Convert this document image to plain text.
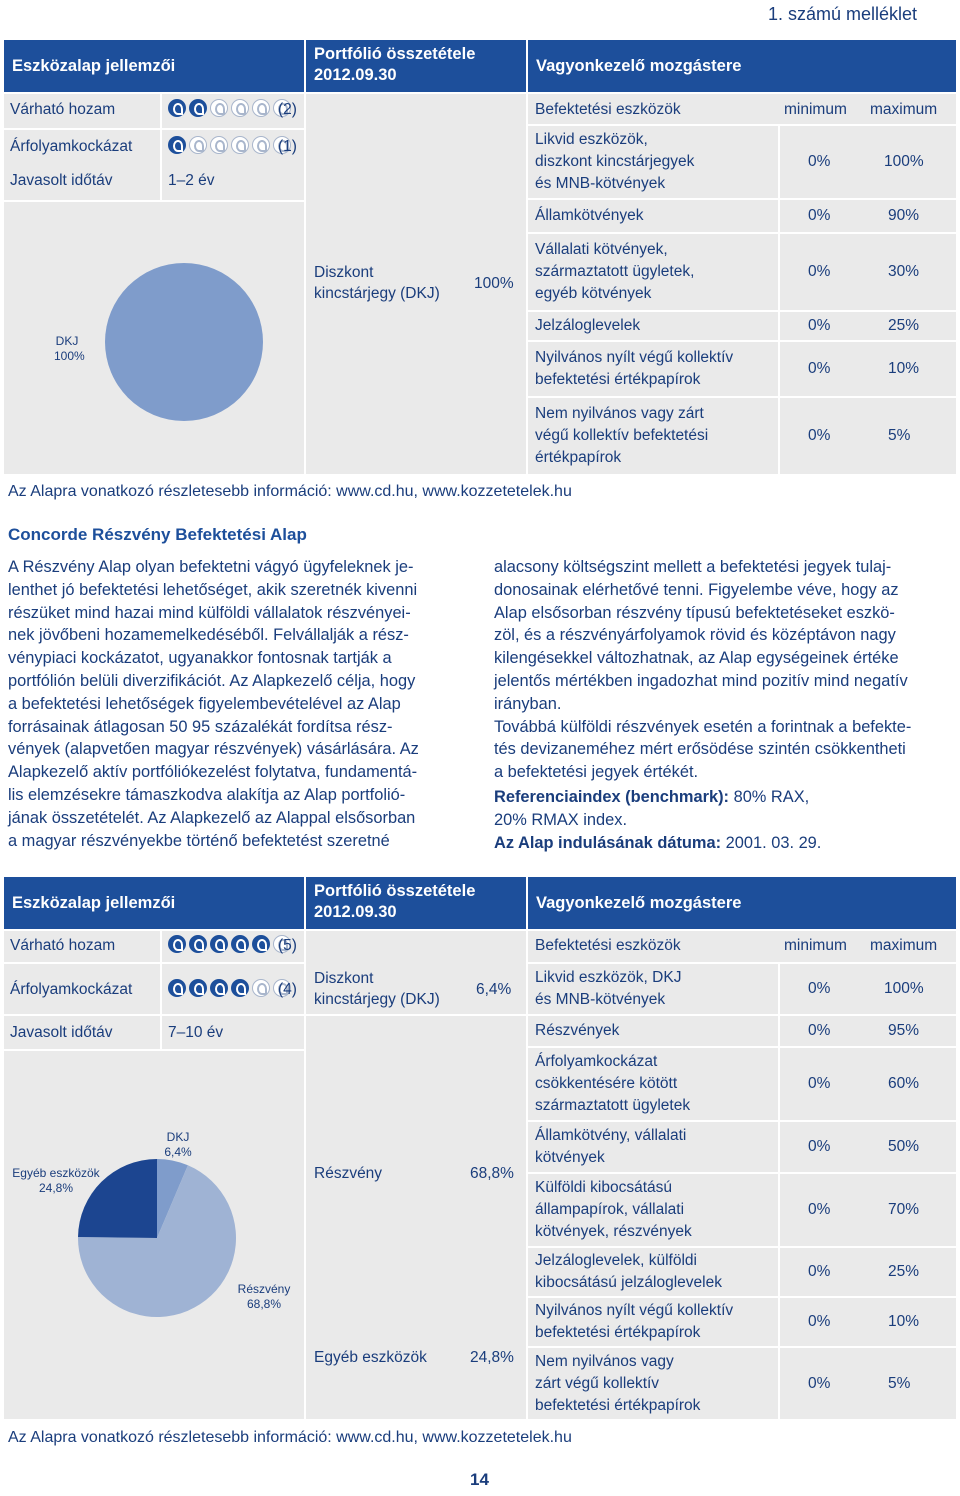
1. számú melléklet
Eszközalap jellemzői
Portfólió összetétele
2012.09.30	Vagyonkezelő mozgástere
Várható hozam	(2)
Árfolyamkockázat	(1)
Javasolt időtáv	1–2 év
DKJ
100%
Diszkont
kincstárjegy (DKJ)
100%
Befektetési eszközök	minimum maximum
Likvid eszközök,
diszkont kincstárjegyek
és MNB-kötvények
0%	100%
Államkötvények	0%	90%
Vállalati kötvények,
származtatott ügyletek,
egyéb kötvények
0%	30%
Jelzáloglevelek	0%	25%
Nyilvános nyílt végű kollektív
befektetési értékpapírok
0%	10%
Nem nyilvános vagy zárt
végű kollektív befektetési
értékpapírok
0%	5%
Az Alapra vonatkozó részletesebb információ: www.cd.hu, www.kozzetetelek.hu
Concorde Részvény Befektetési Alap
A Részvény Alap olyan befektetni vágyó ügyfeleknek je-
lenthet jó befektetési lehetőséget, akik szeretnék kivenni
részüket mind hazai mind külföldi vállalatok részvényei-
nek jövőbeni hozamemelkedéséből. Felvállalják a rész-
vénypiaci kockázatot, ugyanakkor fontosnak tartják a
portfólión belüli diverzifikációt. Az Alapkezelő célja, hogy
a befektetési lehetőségek figyelembevételével az Alap
forrásainak átlagosan 50 95 százalékát fordítsa rész-
vények (alapvetően magyar részvények) vásárlására. Az
Alapkezelő aktív portfóliókezelést folytatva, fundamentá-
lis elemzésekre támaszkodva alakítja az Alap portfolió-
jának összetételét. Az Alapkezelő az Alappal elsősorban
a magyar részvényekbe történő befektetést szeretné
alacsony költségszint mellett a befektetési jegyek tulaj-
donosainak elérhetővé tenni. Figyelembe véve, hogy az
Alap elsősorban részvény típusú befektetéseket eszkö-
zöl, és a részvényárfolyamok rövid és középtávon nagy
kilengésekkel változhatnak, az Alap egységeinek értéke
jelentős mértékben ingadozhat mind pozitív mind negatív
irányban.
Továbbá külföldi részvények esetén a forintnak a befekte-
tés devizaneméhez mért erősödése szintén csökkentheti
a befektetési jegyek értékét.
Referenciaindex (benchmark): 80% RAX,
20% RMAX index.
Az Alap indulásának dátuma: 2001. 03. 29.
Eszközalap jellemzői
Portfólió összetétele
2012.09.30	Vagyonkezelő mozgástere
Várható hozam	(5)
Árfolyamkockázat	(4)
Javasolt időtáv	7–10 év
DKJ
6,4%
Részvény
68,8%
Egyéb eszközök
24,8%
Diszkont
kincstárjegy (DKJ)
6,4%
Részvény	68,8%
Egyéb eszközök	24,8%
Befektetési eszközök	minimum maximum
Likvid eszközök, DKJ
és MNB-kötvények
0%	100%
Részvények	0%	95%
Árfolyamkockázat
csökkentésére kötött
származtatott ügyletek
0%	60%
Államkötvény, vállalati
kötvények
0%	50%
Külföldi kibocsátású
állampapírok, vállalati
kötvények, részvények
0%	70%
Jelzáloglevelek, külföldi
kibocsátású jelzáloglevelek
0%	25%
Nyilvános nyílt végű kollektív
befektetési értékpapírok
0%	10%
Nem nyilvános vagy
zárt végű kollektív
befektetési értékpapírok
0%	5%
Az Alapra vonatkozó részletesebb információ: www.cd.hu, www.kozzetetelek.hu
14
